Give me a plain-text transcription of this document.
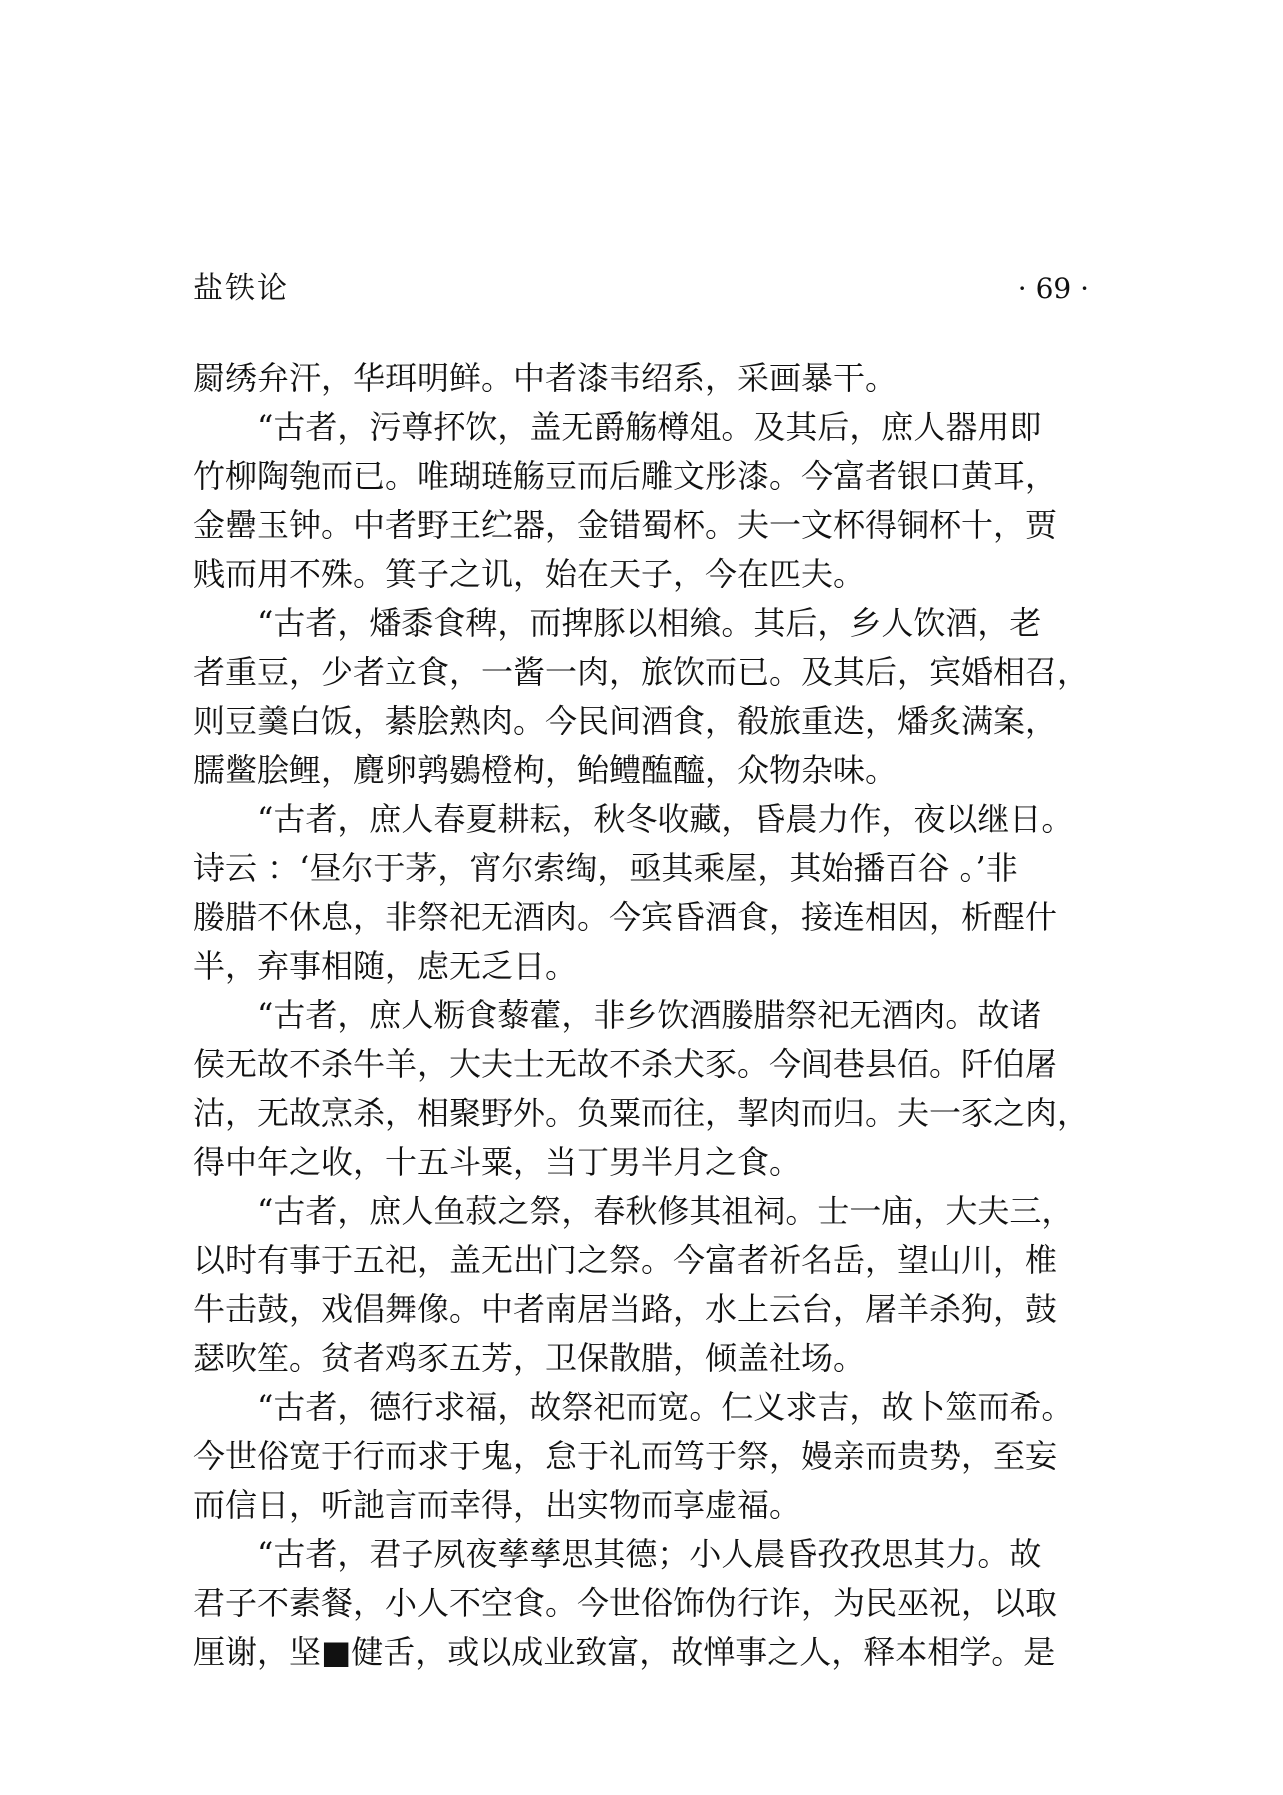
盐铁论	· 69 ·
罽绣弁汗，华珥明鲜。中者漆韦绍系，采画暴干。
“古者，污尊抔饮，盖无爵觞樽俎。及其后，庶人器用即
竹柳陶匏而已。唯瑚琏觞豆而后雕文彤漆。今富者银口黄耳，
金罍玉钟。中者野王纻器，金错蜀杯。夫一文杯得铜杯十，贾
贱而用不殊。箕子之讥，始在天子，今在匹夫。
“古者，燔黍食稗，而捭豚以相飨。其后，乡人饮酒，老
者重豆，少者立食，一酱一肉，旅饮而已。及其后，宾婚相召，
则豆羹白饭，綦脍熟肉。今民间酒食，殽旅重迭，燔炙满案，
臑鳖脍鲤，麑卵鹑鷃橙枸，鲐鳢醢醯，众物杂味。
“古者，庶人春夏耕耘，秋冬收藏，昏晨力作，夜以继日。
诗云 ：‘昼尔于茅，宵尔索绹，亟其乘屋，其始播百谷 。’非
媵腊不休息，非祭祀无酒肉。今宾昏酒食，接连相因，析酲什
半，弃事相随，虑无乏日。
“古者，庶人粝食藜藿，非乡饮酒媵腊祭祀无酒肉。故诸
侯无故不杀牛羊，大夫士无故不杀犬豕。今闾巷县佰。阡伯屠
沽，无故烹杀，相聚野外。负粟而往，挈肉而归。夫一豕之肉，
得中年之收，十五斗粟，当丁男半月之食。
“古者，庶人鱼菽之祭，春秋修其祖祠。士一庙，大夫三，
以时有事于五祀，盖无出门之祭。今富者祈名岳，望山川，椎
牛击鼓，戏倡舞像。中者南居当路，水上云台，屠羊杀狗，鼓
瑟吹笙。贫者鸡豕五芳，卫保散腊，倾盖社场。
“古者，德行求福，故祭祀而宽。仁义求吉，故卜筮而希。
今世俗宽于行而求于鬼，怠于礼而笃于祭，嫚亲而贵势，至妄
而信日，听訑言而幸得，出实物而享虚福。
“古者，君子夙夜孳孳思其德；小人晨昏孜孜思其力。故
君子不素餐，小人不空食。今世俗饰伪行诈，为民巫祝，以取
厘谢，坚■健舌，或以成业致富，故惮事之人，释本相学。是
